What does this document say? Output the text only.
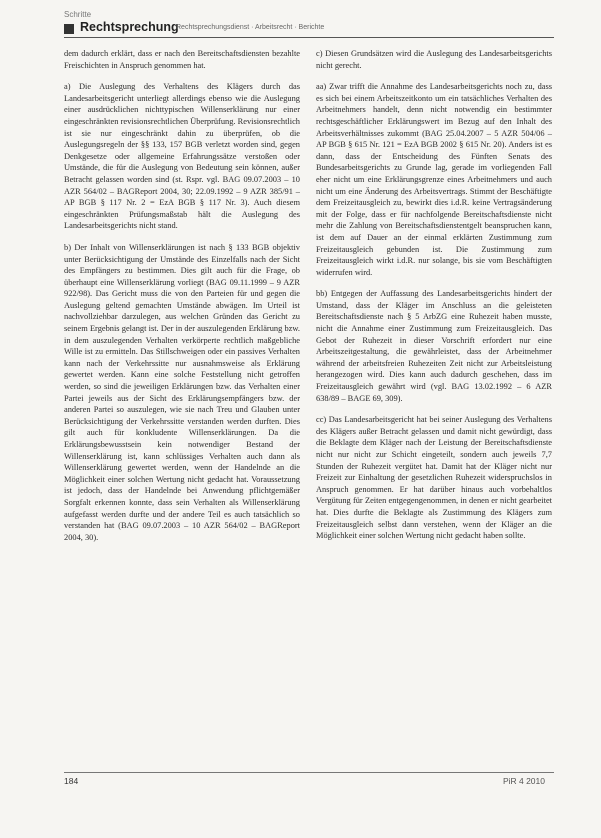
Schritte
Rechtsprechung
Rechtsprechungsdienst · Arbeitsrecht · Berichte

dem dadurch erklärt, dass er nach den Bereitschaftsdiensten bezahlte Freischichten in Anspruch genommen hat.

a) Die Auslegung des Verhaltens des Klägers durch das Landesarbeitsgericht unterliegt allerdings ebenso wie die Auslegung einer ausdrücklichen nichttypischen Willenserklärung nur einer eingeschränkten revisionsrechtlichen Überprüfung. Revisionsrechtlich ist sie nur eingeschränkt dahin zu überprüfen, ob die Auslegungsregeln der §§ 133, 157 BGB verletzt worden sind, gegen Denkgesetze oder allgemeine Erfahrungssätze verstoßen oder Umstände, die für die Auslegung von Bedeutung sein können, außer Betracht gelassen worden sind (st. Rspr. vgl. BAG 09.07.2003 – 10 AZR 564/02 – BAGReport 2004, 30; 22.09.1992 – 9 AZR 385/91 – AP BGB § 117 Nr. 2 = EzA BGB § 117 Nr. 3). Auch diesem eingeschränkten Prüfungsmaßstab hält die Auslegung des Landesarbeitsgerichts nicht stand.

b) Der Inhalt von Willenserklärungen ist nach § 133 BGB objektiv unter Berücksichtigung der Umstände des Einzelfalls nach der Sicht des Empfängers zu bestimmen. Dies gilt auch für die Frage, ob überhaupt eine Willenserklärung vorliegt (BAG 09.11.1999 – 9 AZR 922/98). Das Gericht muss die von den Parteien für und gegen die Auslegung geltend gemachten Umstände abwägen. Im Urteil ist nachvollziehbar darzulegen, aus welchen Gründen das Gericht zu seinem Ergebnis gelangt ist. Der in der auszulegenden Erklärung bzw. in dem auszulegenden Verhalten verkörperte rechtlich maßgebliche Wille ist zu ermitteln. Das Stillschweigen oder ein passives Verhalten kann nach der Verkehrssitte nur ausnahmsweise als Erklärung gewertet werden. Kann eine solche Feststellung nicht getroffen werden, so sind die jeweiligen Erklärungen bzw. das Verhalten einer Partei jeweils aus der Sicht des Erklärungsempfängers bzw. der anderen Partei so auszulegen, wie sie nach Treu und Glauben unter Berücksichtigung der Verkehrssitte verstanden werden durften. Dies gilt auch für konkludente Willenserklärungen. Da die Erklärungsbewusstsein kein notwendiger Bestand der Willenserklärung ist, kann schlüssiges Verhalten auch dann als Willenserklärung gewertet werden, wenn der Handelnde an die Möglichkeit einer solchen Wertung nicht gedacht hat. Voraussetzung ist jedoch, dass der Handelnde bei Anwendung pflichtgemäßer Sorgfalt erkennen konnte, dass sein Verhalten als Willenserklärung aufgefasst werden durfte und der andere Teil es auch tatsächlich so verstanden hat (BAG 09.07.2003 – 10 AZR 564/02 – BAGReport 2004, 30).

c) Diesen Grundsätzen wird die Auslegung des Landesarbeitsgerichts nicht gerecht.

aa) Zwar trifft die Annahme des Landesarbeitsgerichts noch zu, dass es sich bei einem Arbeitszeitkonto um ein tatsächliches Verhalten des Arbeitnehmers handelt, denn nicht notwendig ein bestimmter rechtsgeschäftlicher Erklärungswert im Bezug auf den Inhalt des Arbeitsverhältnisses zukommt (BAG 25.04.2007 – 5 AZR 504/06 – AP BGB § 615 Nr. 121 = EzA BGB 2002 § 615 Nr. 20). Anders ist es dann, dass der Entscheidung des Fünften Senats des Bundesarbeitsgerichts zu Grunde lag, gerade im vorliegenden Fall eher nicht um eine Erklärungsgrenze eines Arbeitnehmers und auch nicht um eine Änderung des Arbeitsvertrags. Stimmt der Beschäftigte dem Freizeitausgleich zu, bewirkt dies i.d.R. keine Vertragsänderung mit der Folge, dass er für nachfolgende Bereitschaftsdienste nicht mehr die Zahlung von Bereitschaftsdienstentgelt beanspruchen kann, ist dem auf Dauer an der einmal erklärten Zustimmung zum Freizeitausgleich gebunden ist. Die Zustimmung zum Freizeitausgleich wirkt i.d.R. nur solange, bis sie vom Beschäftigten widerrufen wird.

bb) Entgegen der Auffassung des Landesarbeitsgerichts hindert der Umstand, dass der Kläger im Anschluss an die geleisteten Bereitschaftsdienste nach § 5 ArbZG eine Ruhezeit haben musste, nicht die Annahme einer Zustimmung zum Freizeitausgleich. Das Gebot der Ruhezeit in dieser Vorschrift erfordert nur eine Arbeitszeitgestaltung, die gewährleistet, dass der Arbeitnehmer während der arbeitsfreien Ruhezeiten Zeit nicht zur Arbeitsleistung herangezogen wird. Dies kann auch dadurch geschehen, dass im Freizeitausgleich gewährt wird (vgl. BAG 13.02.1992 – 6 AZR 638/89 – BAGE 69, 309).

cc) Das Landesarbeitsgericht hat bei seiner Auslegung des Verhaltens des Klägers außer Betracht gelassen und damit nicht gewürdigt, dass die Beklagte dem Kläger nach der Leistung der Bereitschaftsdienste nicht nur nicht zur Schicht eingeteilt, sondern auch jeweils 7,7 Stunden der Ruhezeit vergütet hat. Damit hat der Kläger nicht nur Freizeit zur Einhaltung der gesetzlichen Ruhezeit widerspruchslos in Anspruch genommen. Er hat darüber hinaus auch vorbehaltlos Vergütung für Zeiten entgegengenommen, in denen er nicht gearbeitet hat. Dies durfte die Beklagte als Zustimmung des Klägers zum Freizeitausgleich selbst dann verstehen, wenn der Kläger an die Möglichkeit einer solchen Wertung nicht gedacht haben sollte.

184	PiR 4 2010
